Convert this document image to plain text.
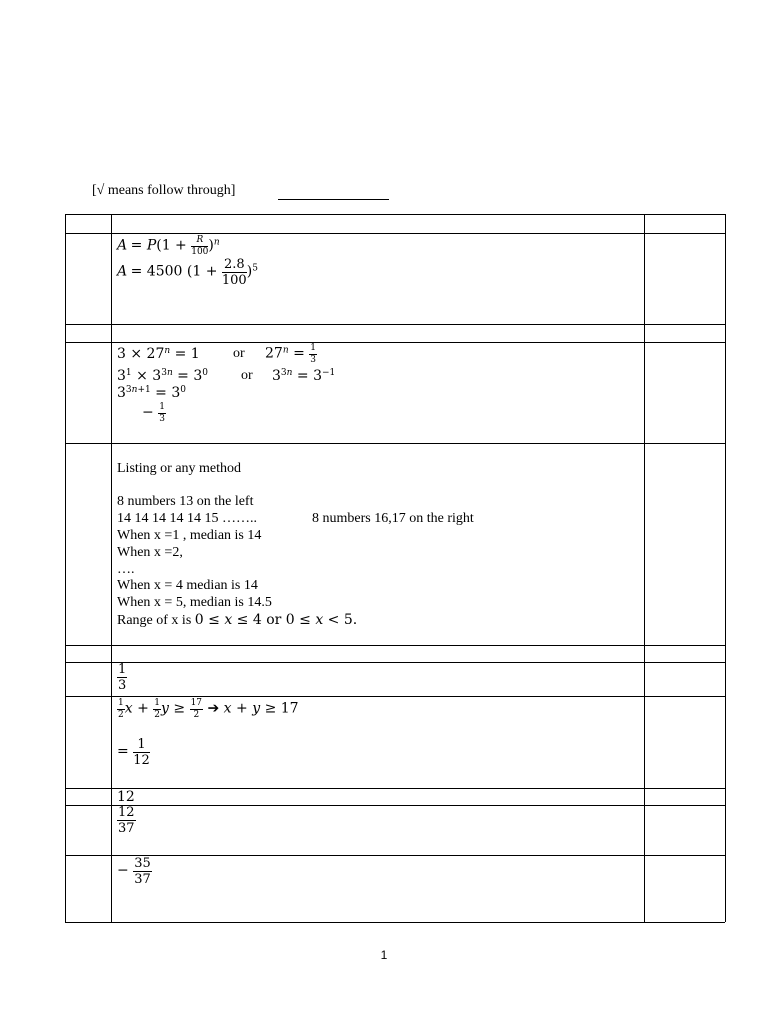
[√ means follow through]
$A = P(1 + \frac{R}{100} )^n$
A = 4500 $(1 + \frac{2.8}{100} )^5$
$3 \times 27^n = 1$ or $27^n = \frac{1}{3}$
$3^1 \times 3^{3n} = 3^0$ or $3^{3n} = 3^{-1}$
$3^{3n+1} = 3^0$
− $\frac{1}{3}$
Listing or any method
8 numbers 13 on the left
14 14 14 14 14 15 ……..	8 numbers 16,17 on the right
When x =1 , median is 14
When x =2,
….
When x = 4 median is 14
When x = 5, median is 14.5
Range of x is 0 ≤ x ≤ 4 or 0 ≤ x < 5.
$\frac{1}{3}$
$\frac{1}{2}$ $x + \frac{1}{2}$ $y \ge \frac{17}{2}$ ➔ x + y ≥ 17
= $\frac{1}{12}$
12
$\frac{12}{37}$
− $\frac{35}{37}$
1
